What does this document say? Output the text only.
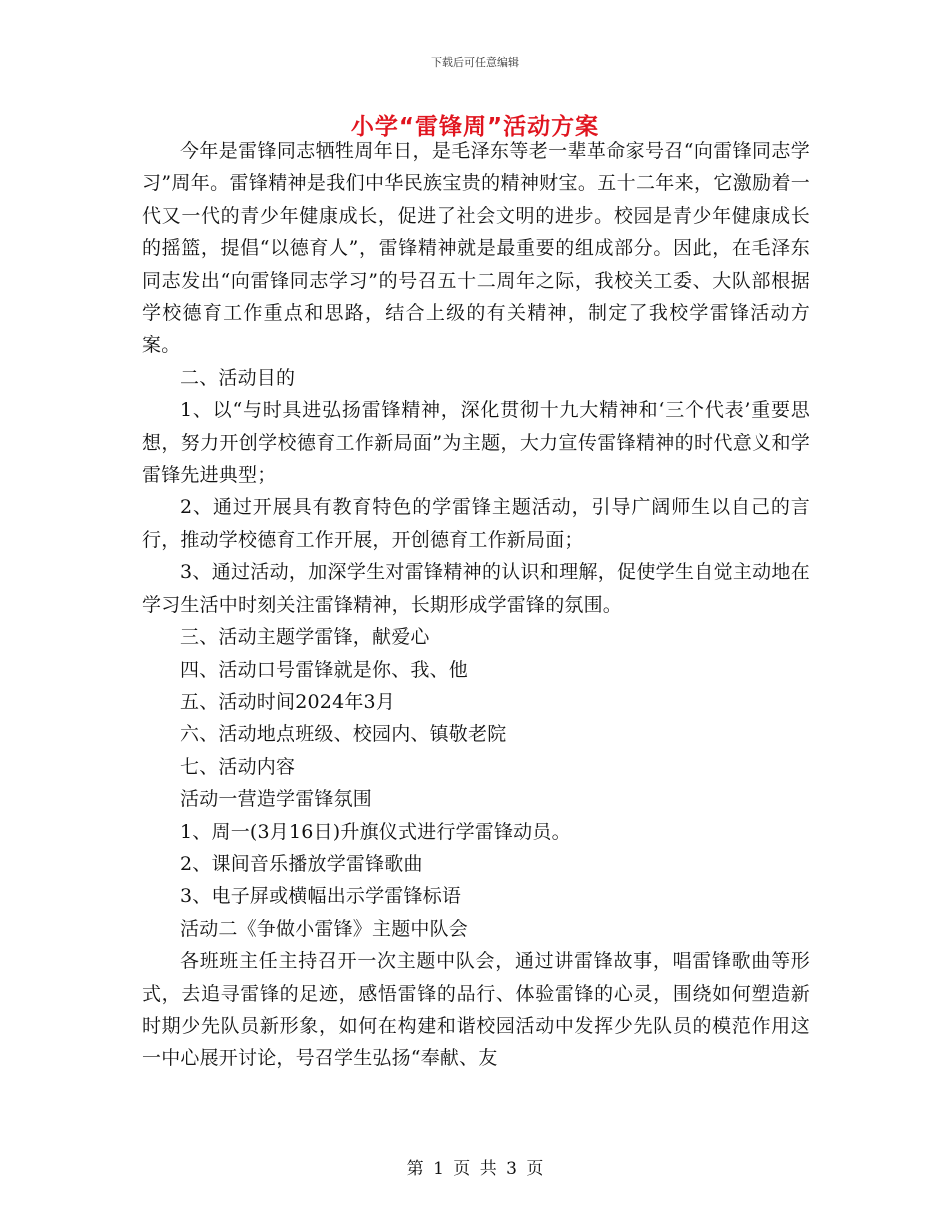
下载后可任意编辑
小学“雷锋周”活动方案

今年是雷锋同志牺牲周年日，是毛泽东等老一辈革命家号召“向雷锋同志学习”周年。雷锋精神是我们中华民族宝贵的精神财宝。五十二年来，它激励着一代又一代的青少年健康成长，促进了社会文明的进步。校园是青少年健康成长的摇篮，提倡“以德育人”，雷锋精神就是最重要的组成部分。因此，在毛泽东同志发出“向雷锋同志学习”的号召五十二周年之际，我校关工委、大队部根据学校德育工作重点和思路，结合上级的有关精神，制定了我校学雷锋活动方案。

二、活动目的

1、以“与时具进弘扬雷锋精神，深化贯彻十九大精神和‘三个代表’重要思想，努力开创学校德育工作新局面”为主题，大力宣传雷锋精神的时代意义和学雷锋先进典型；

2、通过开展具有教育特色的学雷锋主题活动，引导广阔师生以自己的言行，推动学校德育工作开展，开创德育工作新局面；

3、通过活动，加深学生对雷锋精神的认识和理解，促使学生自觉主动地在学习生活中时刻关注雷锋精神，长期形成学雷锋的氛围。

三、活动主题学雷锋，献爱心

四、活动口号雷锋就是你、我、他

五、活动时间2024年3月

六、活动地点班级、校园内、镇敬老院

七、活动内容

活动一营造学雷锋氛围

1、周一(3月16日)升旗仪式进行学雷锋动员。

2、课间音乐播放学雷锋歌曲

3、电子屏或横幅出示学雷锋标语

活动二《争做小雷锋》主题中队会

各班班主任主持召开一次主题中队会，通过讲雷锋故事，唱雷锋歌曲等形式，去追寻雷锋的足迹，感悟雷锋的品行、体验雷锋的心灵，围绕如何塑造新时期少先队员新形象，如何在构建和谐校园活动中发挥少先队员的模范作用这一中心展开讨论，号召学生弘扬“奉献、友

第 1 页 共 3 页
